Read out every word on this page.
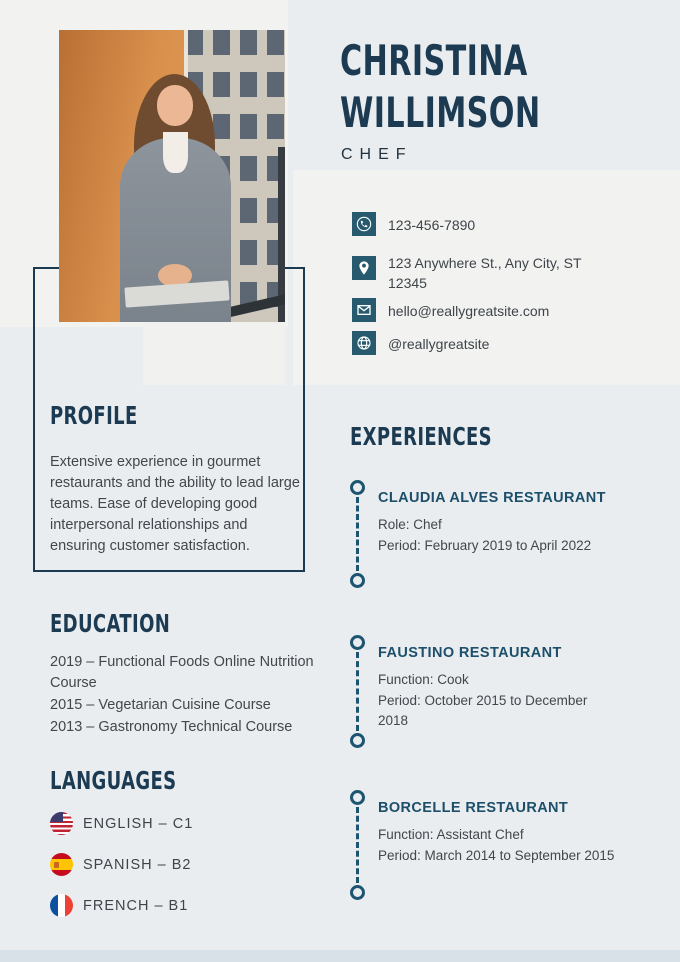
CHRISTINA
WILLIMSON
CHEF
123-456-7890
123 Anywhere St., Any City, ST 12345
hello@reallygreatsite.com
@reallygreatsite
PROFILE
Extensive experience in gourmet restaurants and the ability to lead large teams. Ease of developing good interpersonal relationships and ensuring customer satisfaction.
EDUCATION
2019 – Functional Foods Online Nutrition Course
2015 – Vegetarian Cuisine Course
2013 – Gastronomy Technical Course
LANGUAGES
ENGLISH – C1
SPANISH – B2
FRENCH – B1
EXPERIENCES
CLAUDIA ALVES RESTAURANT
Role: Chef
Period: February 2019 to April 2022
FAUSTINO RESTAURANT
Function: Cook
Period: October 2015 to December 2018
BORCELLE RESTAURANT
Function: Assistant Chef
Period: March 2014 to September 2015
